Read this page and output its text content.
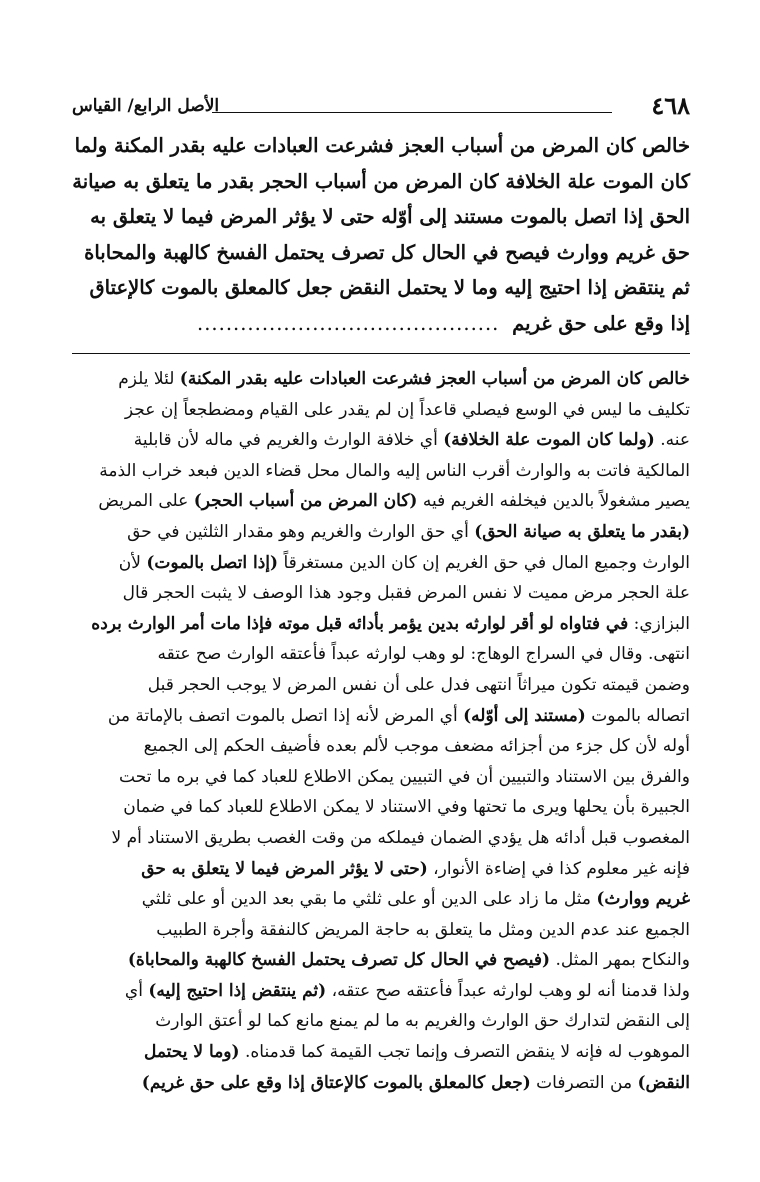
٤٦٨
الأصل الرابع/ القياس
خالص كان المرض من أسباب العجز فشرعت العبادات عليه بقدر المكنة ولما
كان الموت علة الخلافة كان المرض من أسباب الحجر بقدر ما يتعلق به صيانة
الحق إذا اتصل بالموت مستند إلى أوّله حتى لا يؤثر المرض فيما لا يتعلق به
حق غريم ووارث فيصح في الحال كل تصرف يحتمل الفسخ كالهبة والمحاباة
ثم ينتقض إذا احتيج إليه وما لا يحتمل النقض جعل كالمعلق بالموت كالإعتاق
إذا وقع على حق غريم ..........................................
خالص كان المرض من أسباب العجز فشرعت العبادات عليه بقدر المكنة) لئلا يلزم
تكليف ما ليس في الوسع فيصلي قاعداً إن لم يقدر على القيام ومضطجعاً إن عجز
عنه. (ولما كان الموت علة الخلافة) أي خلافة الوارث والغريم في ماله لأن قابلية
المالكية فاتت به والوارث أقرب الناس إليه والمال محل قضاء الدين فبعد خراب الذمة
يصير مشغولاً بالدين فيخلفه الغريم فيه (كان المرض من أسباب الحجر) على المريض
(بقدر ما يتعلق به صيانة الحق) أي حق الوارث والغريم وهو مقدار الثلثين في حق
الوارث وجميع المال في حق الغريم إن كان الدين مستغرقاً (إذا اتصل بالموت) لأن
علة الحجر مرض مميت لا نفس المرض فقبل وجود هذا الوصف لا يثبت الحجر قال
البزازي: في فتاواه لو أقر لوارثه بدين يؤمر بأدائه قبل موته فإذا مات أمر الوارث برده
انتهى. وقال في السراج الوهاج: لو وهب لوارثه عبداً فأعتقه الوارث صح عتقه
وضمن قيمته تكون ميراثاً انتهى فدل على أن نفس المرض لا يوجب الحجر قبل
اتصاله بالموت (مستند إلى أوّله) أي المرض لأنه إذا اتصل بالموت اتصف بالإماتة من
أوله لأن كل جزء من أجزائه مضعف موجب لألم بعده فأضيف الحكم إلى الجميع
والفرق بين الاستناد والتبيين أن في التبيين يمكن الاطلاع للعباد كما في بره ما تحت
الجبيرة بأن يحلها ويرى ما تحتها وفي الاستناد لا يمكن الاطلاع للعباد كما في ضمان
المغصوب قبل أدائه هل يؤدي الضمان فيملكه من وقت الغصب بطريق الاستناد أم لا
فإنه غير معلوم كذا في إضاءة الأنوار، (حتى لا يؤثر المرض فيما لا يتعلق به حق
غريم ووارث) مثل ما زاد على الدين أو على ثلثي ما بقي بعد الدين أو على ثلثي
الجميع عند عدم الدين ومثل ما يتعلق به حاجة المريض كالنفقة وأجرة الطبيب
والنكاح بمهر المثل. (فيصح في الحال كل تصرف يحتمل الفسخ كالهبة والمحاباة)
ولذا قدمنا أنه لو وهب لوارثه عبداً فأعتقه صح عتقه، (ثم ينتقض إذا احتيج إليه) أي
إلى النقض لتدارك حق الوارث والغريم به ما لم يمنع مانع كما لو أعتق الوارث
الموهوب له فإنه لا ينقض التصرف وإنما تجب القيمة كما قدمناه. (وما لا يحتمل
النقض) من التصرفات (جعل كالمعلق بالموت كالإعتاق إذا وقع على حق غريم)
